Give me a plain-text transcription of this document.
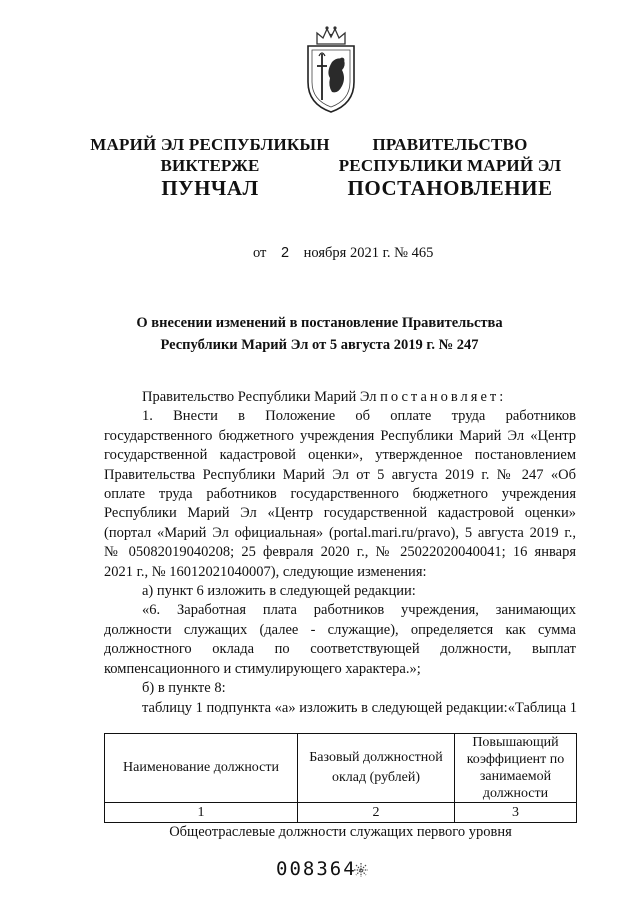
МАРИЙ ЭЛ РЕСПУБЛИКЫН
ВИКТЕРЖЕ
ПУНЧАЛ
ПРАВИТЕЛЬСТВО
РЕСПУБЛИКИ МАРИЙ ЭЛ
ПОСТАНОВЛЕНИЕ
от 2 ноября 2021 г. № 465
О внесении изменений в постановление Правительства
Республики Марий Эл от 5 августа 2019 г. № 247
Правительство Республики Марий Эл постановляет:
1. Внести в Положение об оплате труда работников
государственного бюджетного учреждения Республики Марий Эл «Центр
государственной кадастровой оценки», утвержденное постановлением
Правительства Республики Марий Эл от 5 августа 2019 г. № 247 «Об
оплате труда работников государственного бюджетного учреждения
Республики Марий Эл «Центр государственной кадастровой оценки»
(портал «Марий Эл официальная» (portal.mari.ru/pravo), 5 августа 2019 г.,
№ 05082019040208; 25 февраля 2020 г., № 25022020040041; 16 января
2021 г., № 16012021040007), следующие изменения:
а) пункт 6 изложить в следующей редакции:
«6. Заработная плата работников учреждения, занимающих
должности служащих (далее - служащие), определяется как сумма
должностного оклада по соответствующей должности, выплат
компенсационного и стимулирующего характера.»;
б) в пункте 8:
таблицу 1 подпункта «а» изложить в следующей редакции: «Таблица 1
Наименование должности	Базовый должностной оклад (рублей)	Повышающий коэффициент по занимаемой должности
1	2	3
Общеотраслевые должности служащих первого уровня
008364
